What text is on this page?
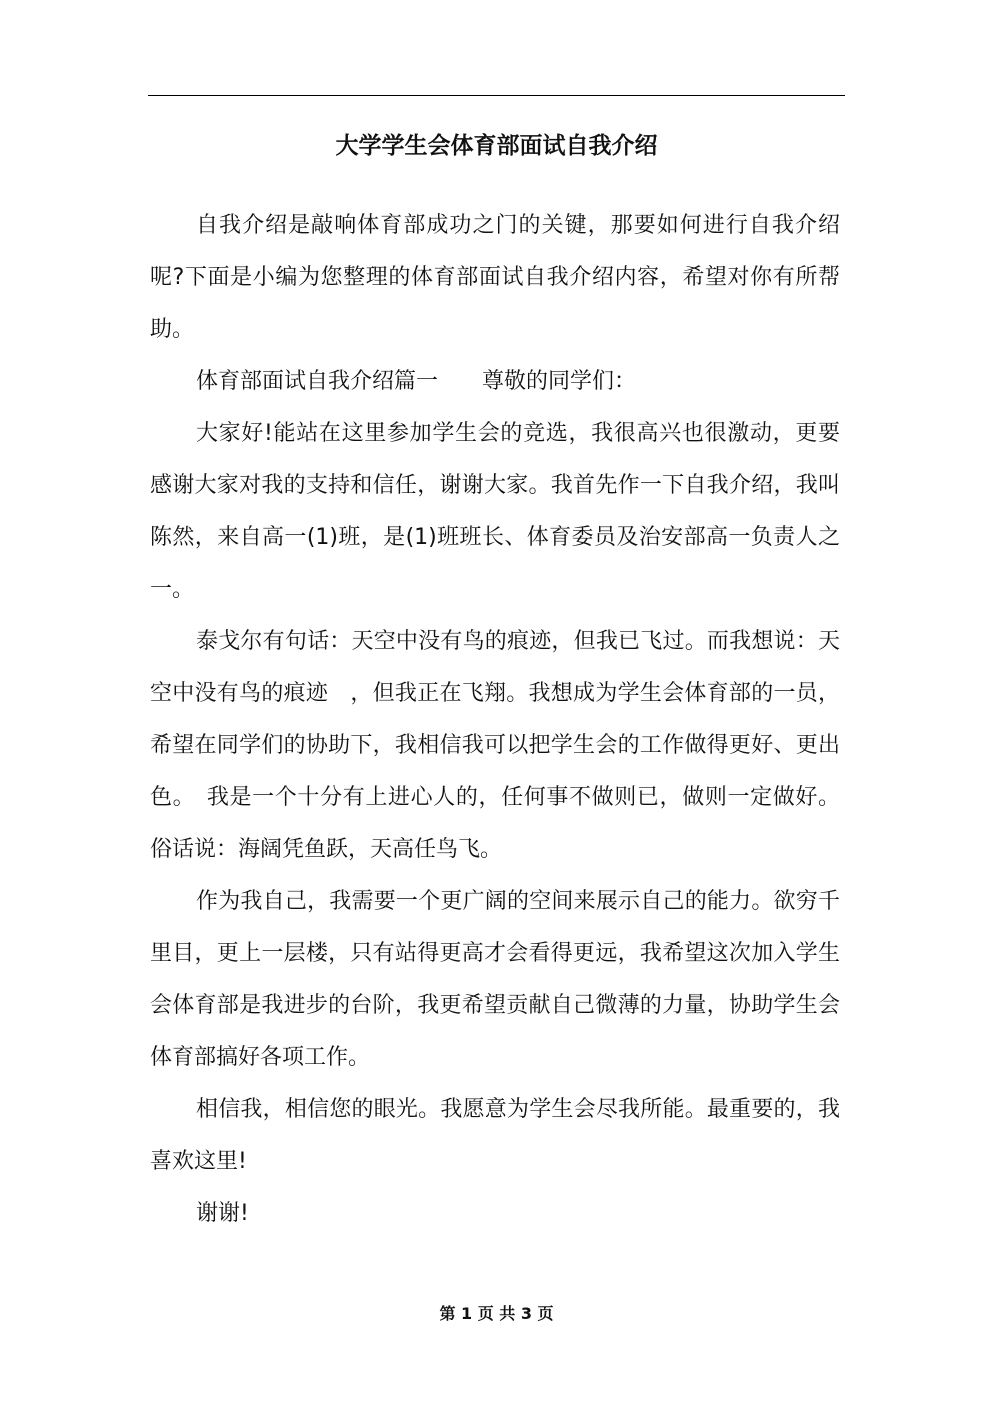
大学学生会体育部面试自我介绍

自我介绍是敲响体育部成功之门的关键，那要如何进行自我介绍呢?下面是小编为您整理的体育部面试自我介绍内容，希望对你有所帮助。

体育部面试自我介绍篇一　　尊敬的同学们：

大家好!能站在这里参加学生会的竞选，我很高兴也很激动，更要感谢大家对我的支持和信任，谢谢大家。我首先作一下自我介绍，我叫陈然，来自高一(1)班，是(1)班班长、体育委员及治安部高一负责人之一。

泰戈尔有句话：天空中没有鸟的痕迹，但我已飞过。而我想说：天空中没有鸟的痕迹　，但我正在飞翔。我想成为学生会体育部的一员，希望在同学们的协助下，我相信我可以把学生会的工作做得更好、更出色。　我是一个十分有上进心人的，任何事不做则已，做则一定做好。俗话说：海阔凭鱼跃，天高任鸟飞。

作为我自己，我需要一个更广阔的空间来展示自己的能力。欲穷千里目，更上一层楼，只有站得更高才会看得更远，我希望这次加入学生会体育部是我进步的台阶，我更希望贡献自己微薄的力量，协助学生会体育部搞好各项工作。

相信我，相信您的眼光。我愿意为学生会尽我所能。最重要的，我喜欢这里!

谢谢!

第 1 页 共 3 页
